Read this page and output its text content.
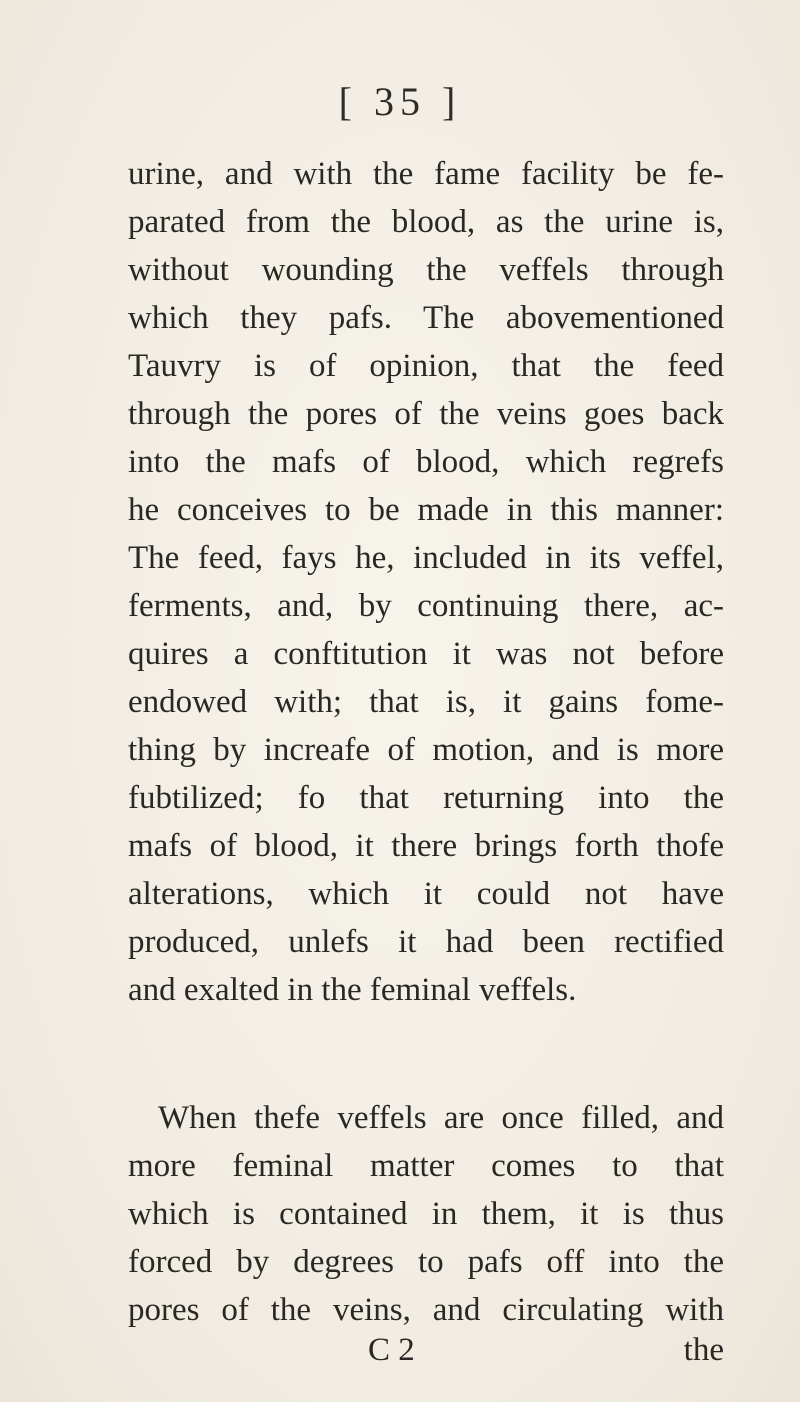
[ 35 ]
urine, and with the fame facility be fe-
parated from the blood, as the urine is,
without wounding the veffels through
which they pafs. The abovementioned
Tauvry is of opinion, that the feed
through the pores of the veins goes back
into the mafs of blood, which regrefs
he conceives to be made in this manner:
The feed, fays he, included in its veffel,
ferments, and, by continuing there, ac-
quires a conftitution it was not before
endowed with; that is, it gains fome-
thing by increafe of motion, and is more
fubtilized; fo that returning into the
mafs of blood, it there brings forth thofe
alterations, which it could not have
produced, unlefs it had been rectified
and exalted in the feminal veffels.
When thefe veffels are once filled, and
more feminal matter comes to that
which is contained in them, it is thus
forced by degrees to pafs off into the
pores of the veins, and circulating with
C 2	the
